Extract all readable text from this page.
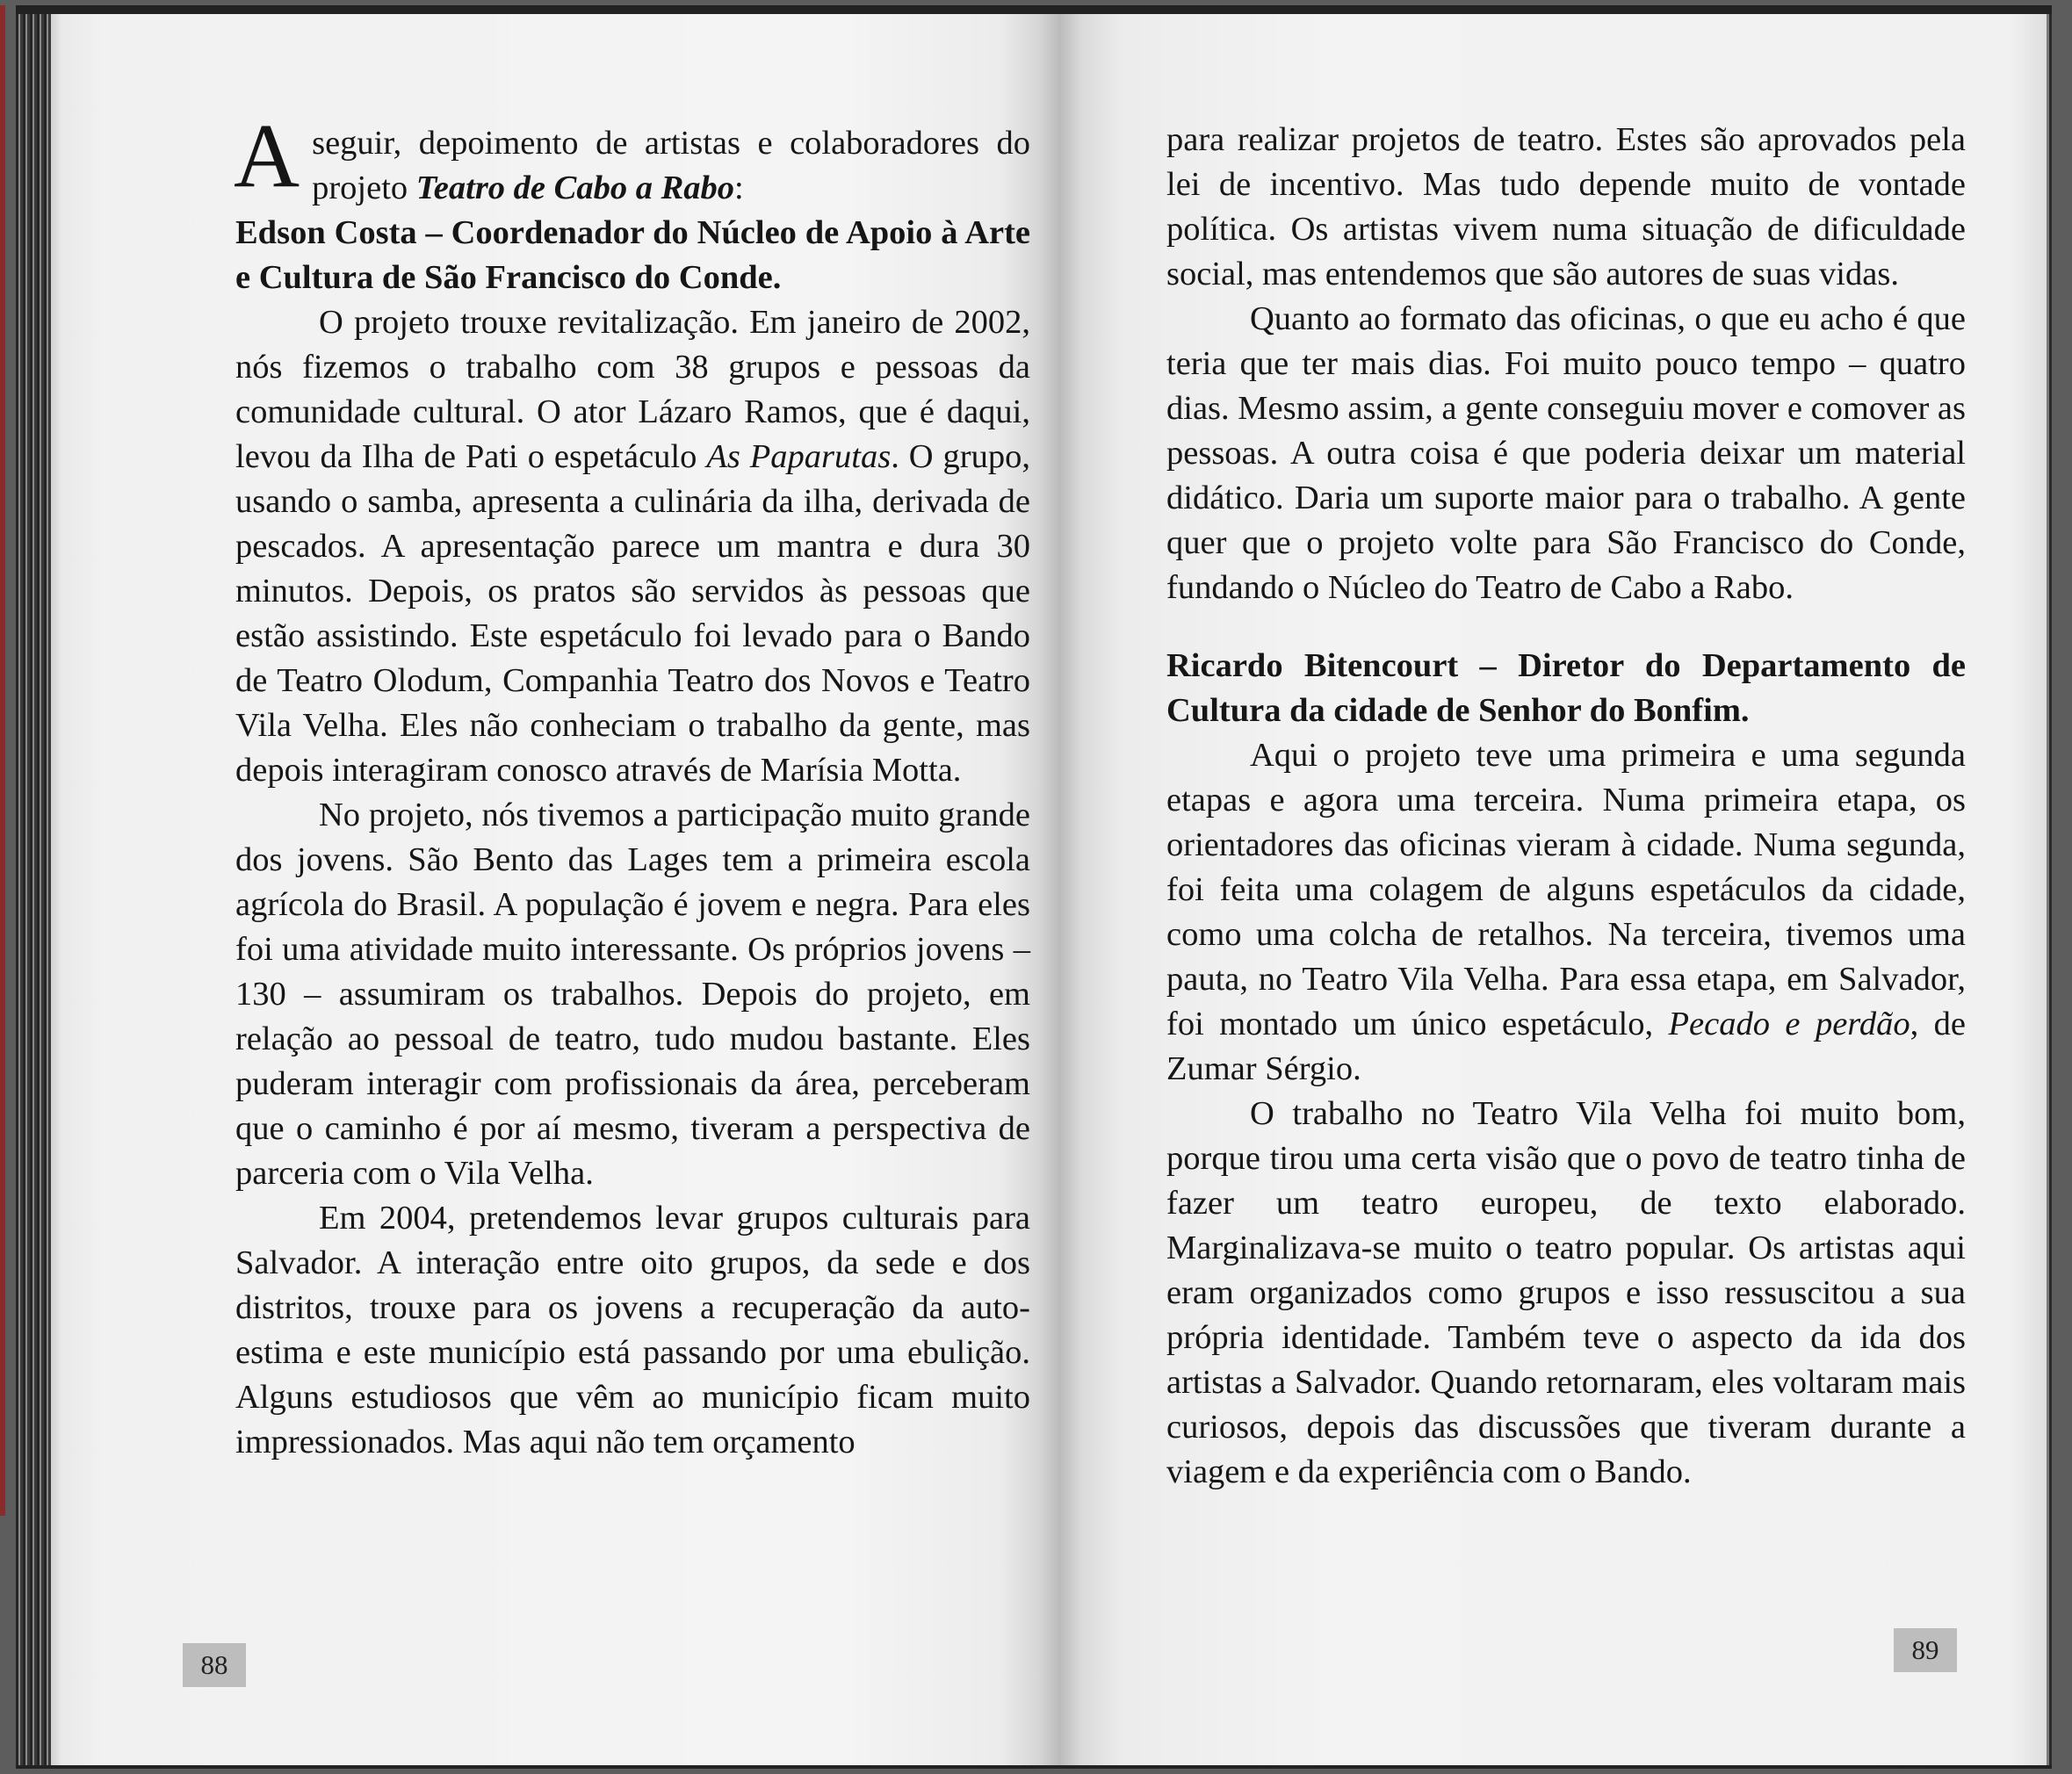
Aseguir, depoimento de artistas e colaboradores do projeto Teatro de Cabo a Rabo:

Edson Costa – Coordenador do Núcleo de Apoio à Arte e Cultura de São Francisco do Conde.

O projeto trouxe revitalização. Em janeiro de 2002, nós fizemos o trabalho com 38 grupos e pessoas da comunidade cultural. O ator Lázaro Ramos, que é daqui, levou da Ilha de Pati o espetáculo As Paparutas. O grupo, usando o samba, apresenta a culinária da ilha, derivada de pescados. A apresentação parece um mantra e dura 30 minutos. Depois, os pratos são servidos às pessoas que estão assistindo. Este espetáculo foi levado para o Bando de Teatro Olodum, Companhia Teatro dos Novos e Teatro Vila Velha. Eles não conheciam o trabalho da gente, mas depois interagiram conosco através de Marísia Motta.

No projeto, nós tivemos a participação muito grande dos jovens. São Bento das Lages tem a primeira escola agrícola do Brasil. A população é jovem e negra. Para eles foi uma atividade muito interessante. Os próprios jovens – 130 – assumiram os trabalhos. Depois do projeto, em relação ao pessoal de teatro, tudo mudou bastante. Eles puderam interagir com profissionais da área, perceberam que o caminho é por aí mesmo, tiveram a perspectiva de parceria com o Vila Velha.

Em 2004, pretendemos levar grupos culturais para Salvador. A interação entre oito grupos, da sede e dos distritos, trouxe para os jovens a recuperação da auto-estima e este município está passando por uma ebulição. Alguns estudiosos que vêm ao município ficam muito impressionados. Mas aqui não tem orçamento

88

para realizar projetos de teatro. Estes são aprovados pela lei de incentivo. Mas tudo depende muito de vontade política. Os artistas vivem numa situação de dificuldade social, mas entendemos que são autores de suas vidas.

Quanto ao formato das oficinas, o que eu acho é que teria que ter mais dias. Foi muito pouco tempo – quatro dias. Mesmo assim, a gente conseguiu mover e comover as pessoas. A outra coisa é que poderia deixar um material didático. Daria um suporte maior para o trabalho. A gente quer que o projeto volte para São Francisco do Conde, fundando o Núcleo do Teatro de Cabo a Rabo.

Ricardo Bitencourt – Diretor do Departamento de Cultura da cidade de Senhor do Bonfim.

Aqui o projeto teve uma primeira e uma segunda etapas e agora uma terceira. Numa primeira etapa, os orientadores das oficinas vieram à cidade. Numa segunda, foi feita uma colagem de alguns espetáculos da cidade, como uma colcha de retalhos. Na terceira, tivemos uma pauta, no Teatro Vila Velha. Para essa etapa, em Salvador, foi montado um único espetáculo, Pecado e perdão, de Zumar Sérgio.

O trabalho no Teatro Vila Velha foi muito bom, porque tirou uma certa visão que o povo de teatro tinha de fazer um teatro europeu, de texto elaborado. Marginalizava-se muito o teatro popular. Os artistas aqui eram organizados como grupos e isso ressuscitou a sua própria identidade. Também teve o aspecto da ida dos artistas a Salvador. Quando retornaram, eles voltaram mais curiosos, depois das discussões que tiveram durante a viagem e da experiência com o Bando.

89
